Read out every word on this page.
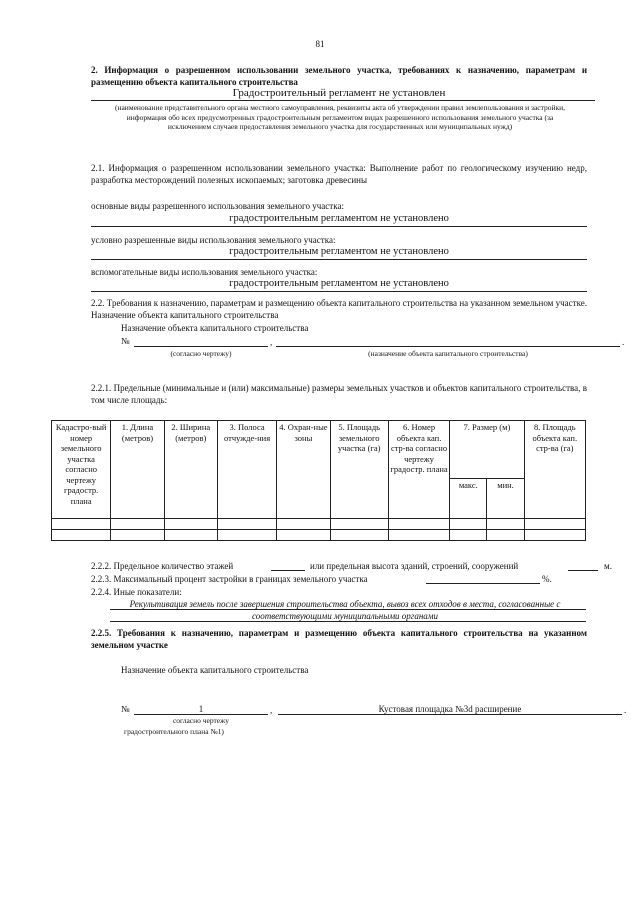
81
2. Информация о разрешенном использовании земельного участка, требованиях к назначению, параметрам и размещению объекта капитального строительства
Градостроительный регламент не установлен
(наименование представительного органа местного самоуправления, реквизиты акта об утверждении правил землепользования и застройки, информация обо всех предусмотренных градостроительным регламентом видах разрешенного использования земельного участка (за исключением случаев предоставления земельного участка для государственных или муниципальных нужд)
2.1. Информация о разрешенном использовании земельного участка: Выполнение работ по геологическому изучению недр, разработка месторождений полезных ископаемых; заготовка древесины
основные виды разрешенного использования земельного участка:
градостроительным регламентом не установлено
условно разрешенные виды использования земельного участка:
градостроительным регламентом не установлено
вспомогательные виды использования земельного участка:
градостроительным регламентом не установлено
2.2. Требования к назначению, параметрам и размещению объекта капитального строительства на указанном земельном участке. Назначение объекта капитального строительства
Назначение объекта капитального строительства
№	,	.
(согласно чертежу)	(назначение объекта капитального строительства)
2.2.1. Предельные (минимальные и (или) максимальные) размеры земельных участков и объектов капитального строительства, в том числе площадь:
Кадастро-вый номер земельного участка согласно чертежу градостр. плана	1. Длина (метров)	2. Ширина (метров)	3. Полоса отчужде-ния	4. Охран-ные зоны	5. Площадь земельного участка (га)	6. Номер объекта кап. стр-ва согласно чертежу градостр. плана	7. Размер (м)		8. Площадь объекта кап. стр-ва (га)
							макс.	мин.	

2.2.2. Предельное количество этажей	или предельная высота зданий, строений, сооружений	м.
2.2.3. Максимальный процент застройки в границах земельного участка	%.
2.2.4. Иные показатели:
Рекультивация земель после завершения строительства объекта, вывоз всех отходов в места, согласованные с соответствующими муниципальными органами
2.2.5. Требования к назначению, параметрам и размещению объекта капитального строительства на указанном земельном участке
Назначение объекта капитального строительства
№	1	,	Кустовая площадка №3d расширение	.
согласно чертежу
градостроительного плана №1)
